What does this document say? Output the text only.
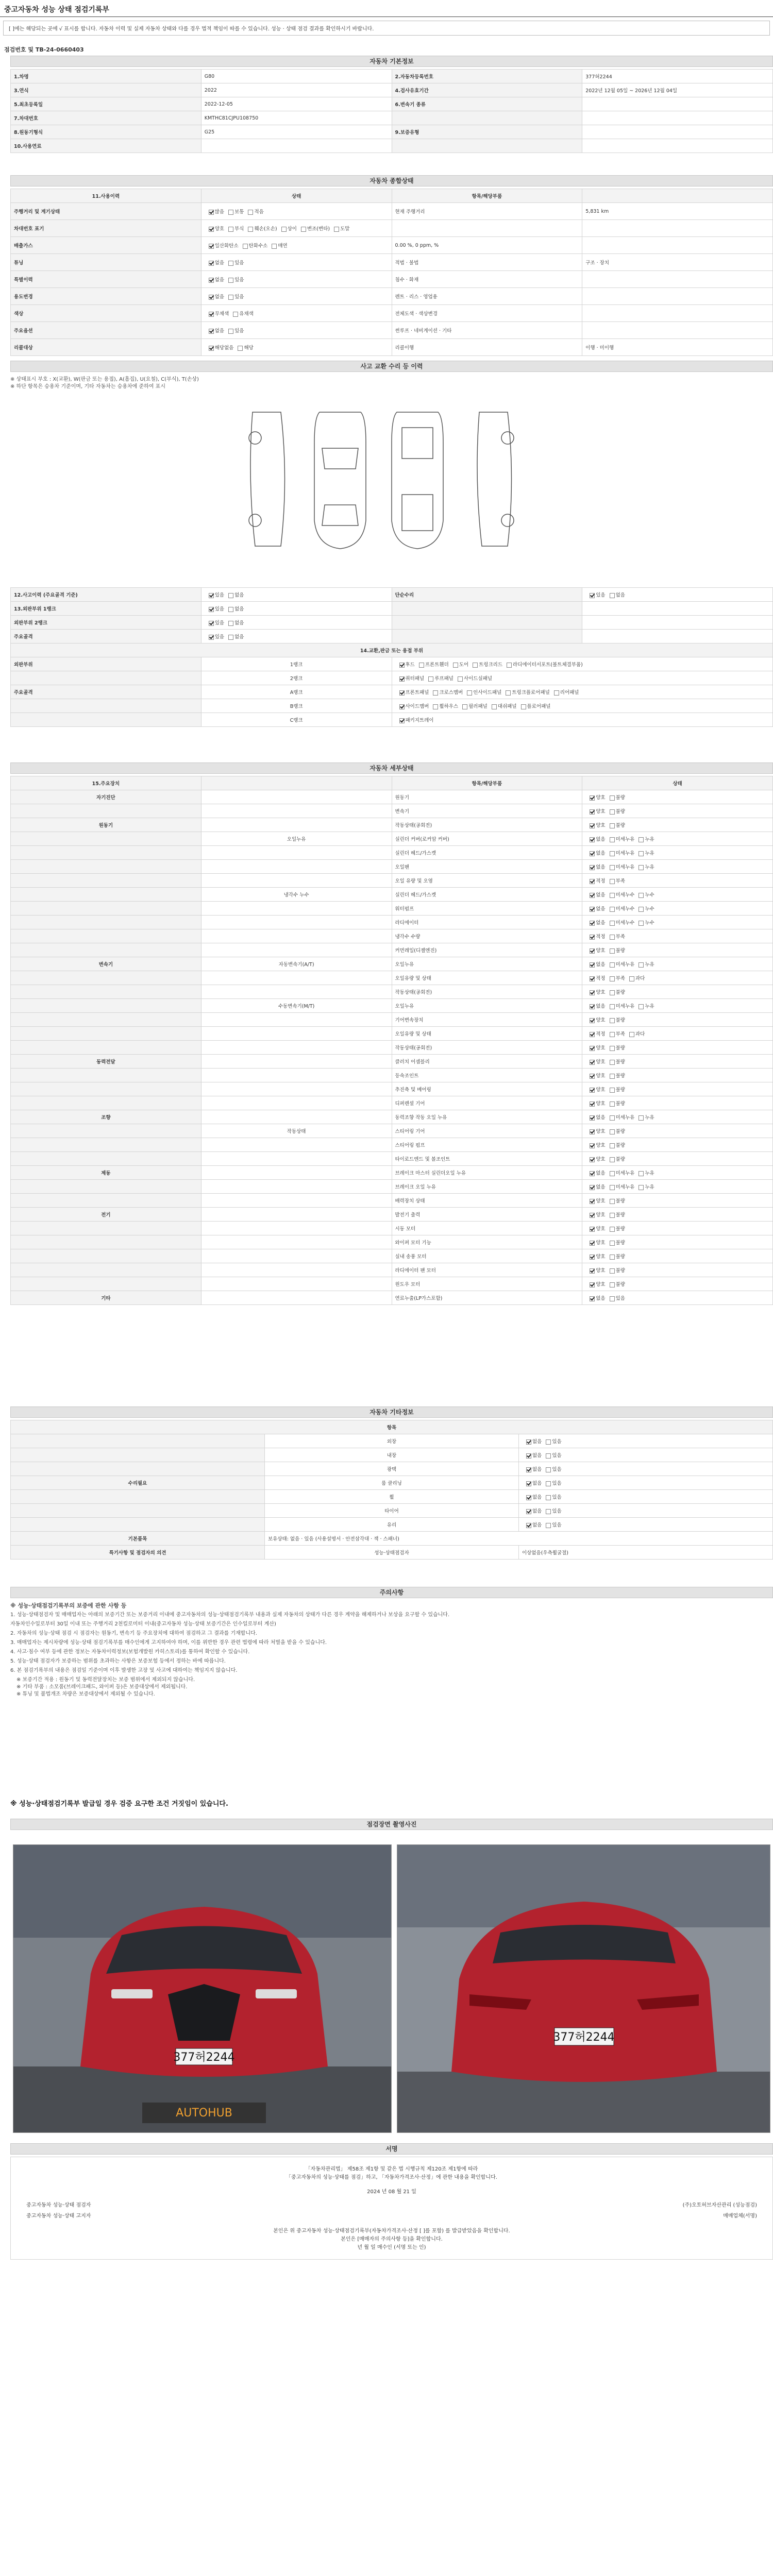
중고자동차 성능 상태 점검기록부
[ ]에는 해당되는 곳에 √ 표시를 합니다. 자동차 이력 및 실제 자동차 상태와 다를 경우 법적 책임이 따를 수 있습니다. 성능 · 상태 점검 결과를 확인하시기 바랍니다.
점검번호 및 TB-24-0660403
자동차 기본정보
1.차명	G80	2.자동차등록번호	377허2244
3.연식	2022	4.검사유효기간	2022년 12월 05일 ~ 2026년 12월 04일
5.최초등록일	2022-12-05	6.변속기 종류	
7.차대번호	KMTHC81CJPU108750		
8.원동기형식	G25	9.보증유형	
10.사용연료			
자동차 종합상태
11.사용이력	상태	항목/해당부품	
주행거리 및 계기상태	많음 보통 적음	현재 주행거리	5,831 km
차대번호 표기	양호 부식 훼손(오손) 상이 변조(변타) 도말		
배출가스	일산화탄소 탄화수소 매연	0.00 %, 0 ppm, %	
튜닝	없음 있음	적법 · 불법	구조 · 장치
특별이력	없음 있음	침수 · 화재	
용도변경	없음 있음	렌트 · 리스 · 영업용	
색상	무채색 유채색	전체도색 · 색상변경	
주요옵션	없음 있음	썬루프 · 네비게이션 · 기타	
리콜대상	해당없음 해당	리콜이행	이행 · 미이행
사고 교환 수리 등 이력
※ 상태표시 부호 : X(교환), W(판금 또는 용접), A(흠집), U(요철), C(부식), T(손상)
※ 하단 항목은 승용차 기준이며, 기타 자동차는 승용차에 준하여 표시
12.사고이력 (주요골격 기준)	있음 없음	단순수리	있음 없음
13.외판부위 1랭크	있음 없음		
외판부위 2랭크	있음 없음		
주요골격	있음 없음		
14.교환,판금 또는 용접 부위			
외판부위	1랭크	후드 프론트휀더 도어 트렁크리드 라디에이터서포트(볼트체결부품)	
	2랭크	쿼터패널 루프패널 사이드실패널	
주요골격	A랭크	프론트패널 크로스멤버 인사이드패널 트렁크플로어패널 리어패널	
	B랭크	사이드멤버 휠하우스 필러패널 대쉬패널 플로어패널	
	C랭크	패키지트레이	
자동차 세부상태
15.주요장치		항목/해당부품	상태
자기진단		원동기	양호 불량
		변속기	양호 불량
원동기		작동상태(공회전)	양호 불량
	오일누유	실린더 커버(로커암 커버)	없음 미세누유 누유
		실린더 헤드/가스켓	없음 미세누유 누유
		오일팬	없음 미세누유 누유
		오일 유량 및 오염	적정 부족
	냉각수 누수	실린더 헤드/가스켓	없음 미세누수 누수
		워터펌프	없음 미세누수 누수
		라디에이터	없음 미세누수 누수
		냉각수 수량	적정 부족
		커먼레일(디젤엔진)	양호 불량
변속기	자동변속기(A/T)	오일누유	없음 미세누유 누유
		오일유량 및 상태	적정 부족 과다
		작동상태(공회전)	양호 불량
	수동변속기(M/T)	오일누유	없음 미세누유 누유
		기어변속장치	양호 불량
		오일유량 및 상태	적정 부족 과다
		작동상태(공회전)	양호 불량
동력전달		클러치 어셈블리	양호 불량
		등속조인트	양호 불량
		추진축 및 베어링	양호 불량
		디퍼렌셜 기어	양호 불량
조향		동력조향 작동 오일 누유	없음 미세누유 누유
	작동상태	스티어링 기어	양호 불량
		스티어링 펌프	양호 불량
		타이로드엔드 및 볼조인트	양호 불량
제동		브레이크 마스터 실린더오일 누유	없음 미세누유 누유
		브레이크 오일 누유	없음 미세누유 누유
		배력장치 상태	양호 불량
전기		발전기 출력	양호 불량
		시동 모터	양호 불량
		와이퍼 모터 기능	양호 불량
		실내 송풍 모터	양호 불량
		라디에이터 팬 모터	양호 불량
		윈도우 모터	양호 불량
기타		연료누출(LP가스포함)	없음 있음
자동차 기타정보
항목		
	외장	없음 있음
	내장	없음 있음
	광택	없음 있음
수리필요	룸 클리닝	없음 있음
	휠	없음 있음
	타이어	없음 있음
	유리	없음 있음
기본품목	보유상태: 없음 · 있음 (사용설명서 · 안전삼각대 · 잭 · 스패너)	
특기사항 및 점검자의 의견	성능·상태점검자	이상없음(우측휠굴절)
주의사항
※ 성능·상태점검기록부의 보증에 관한 사항 등
1. 성능·상태점검자 및 매매업자는 아래의 보증기간 또는 보증거리 이내에 중고자동차의 성능·상태점검기록부 내용과 실제 자동차의 상태가 다른 경우 계약을 해제하거나 보상을 요구할 수 있습니다.
자동차인수일로부터 30일 이내 또는 주행거리 2천킬로미터 이내(중고자동차 성능·상태 보증기간은 인수일로부터 계산)
2. 자동차의 성능·상태 점검 시 점검자는 원동기, 변속기 등 주요장치에 대하여 점검하고 그 결과를 기재합니다.
3. 매매업자는 제시차량에 성능·상태 점검기록부를 매수인에게 고지하여야 하며, 이를 위반한 경우 관련 법령에 따라 처벌을 받을 수 있습니다.
4. 사고·침수 여부 등에 관한 정보는 자동차이력정보(보험개발원 카히스토리)를 통하여 확인할 수 있습니다.
5. 성능·상태 점검자가 보증하는 범위를 초과하는 사항은 보증보험 등에서 정하는 바에 따릅니다.
6. 본 점검기록부의 내용은 점검일 기준이며 이후 발생한 고장 및 사고에 대하여는 책임지지 않습니다.
※ 보증기간 적용 : 원동기 및 동력전달장치는 보증 범위에서 제외되지 않습니다.
※ 기타 부품 : 소모품(브레이크패드, 와이퍼 등)은 보증대상에서 제외됩니다.
※ 튜닝 및 불법개조 차량은 보증대상에서 제외될 수 있습니다.
※ 성능·상태점검기록부 발급일 경우 검증 요구한 조건 거짓임이 있습니다.
점검장면 촬영사진
377허2244
AUTOHUB
377허2244
서명

「자동차관리법」 제58조 제1항 및 같은 법 시행규칙 제120조 제1항에 따라

「중고자동차의 성능·상태를 점검」하고, 「자동차가격조사·산정」에 관한 내용을 확인합니다.

2024 년 08 월 21 일

중고자동차 성능·상태 점검자	(주)오토허브자산관리 (성능점검)
중고자동차 성능·상태 고지자	매매업체(서명)

본인은 위 중고자동차 성능·상태점검기록부(자동차가격조사·산정 [ ]를 포함) 를 발급받았음을 확인합니다.

본인은 [매매자의 주의사항 등]을 확인합니다.

년 월 일 매수인 (서명 또는 인)
